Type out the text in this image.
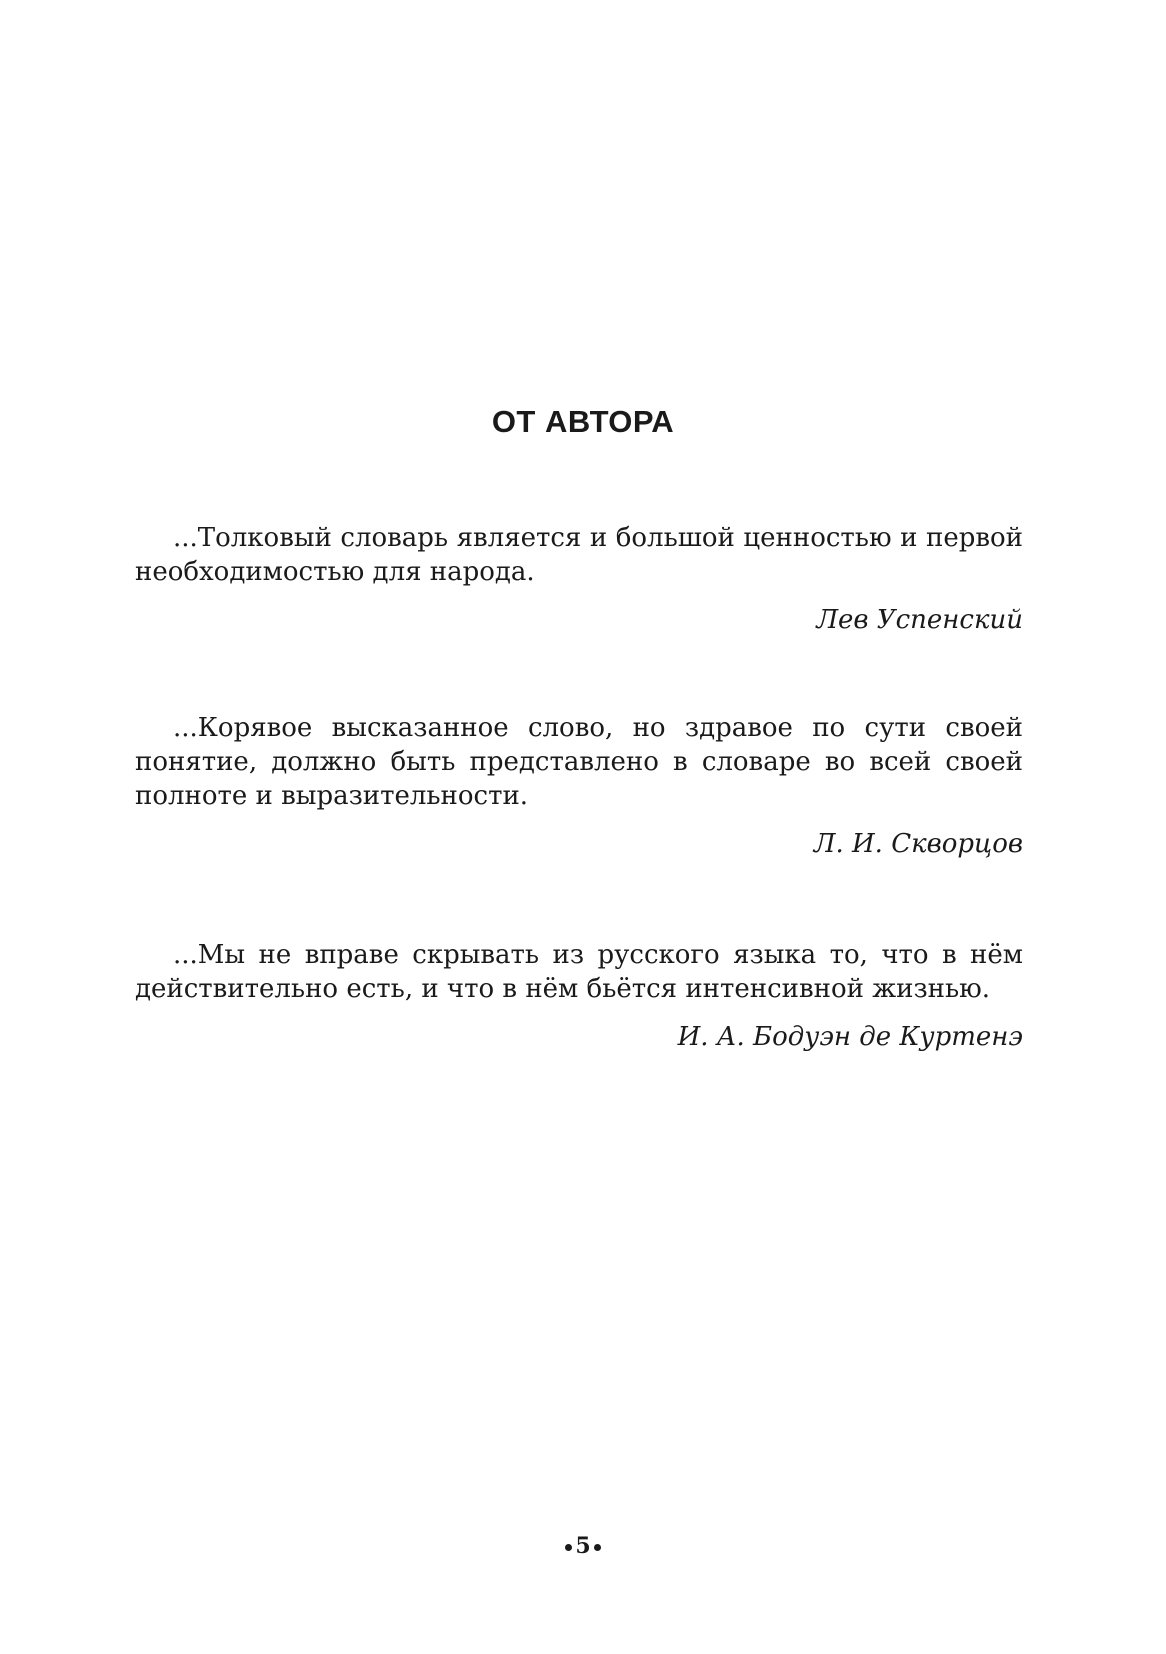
ОТ АВТОРА

...Толковый словарь является и большой ценностью и первой необходимостью для народа.

Лев Успенский

...Корявое высказанное слово, но здравое по сути своей понятие, должно быть представлено в словаре во всей своей полноте и выразительности.

Л. И. Скворцов

...Мы не вправе скрывать из русского языка то, что в нём действительно есть, и что в нём бьётся интенсивной жизнью.

И. А. Бодуэн де Куртенэ

5
